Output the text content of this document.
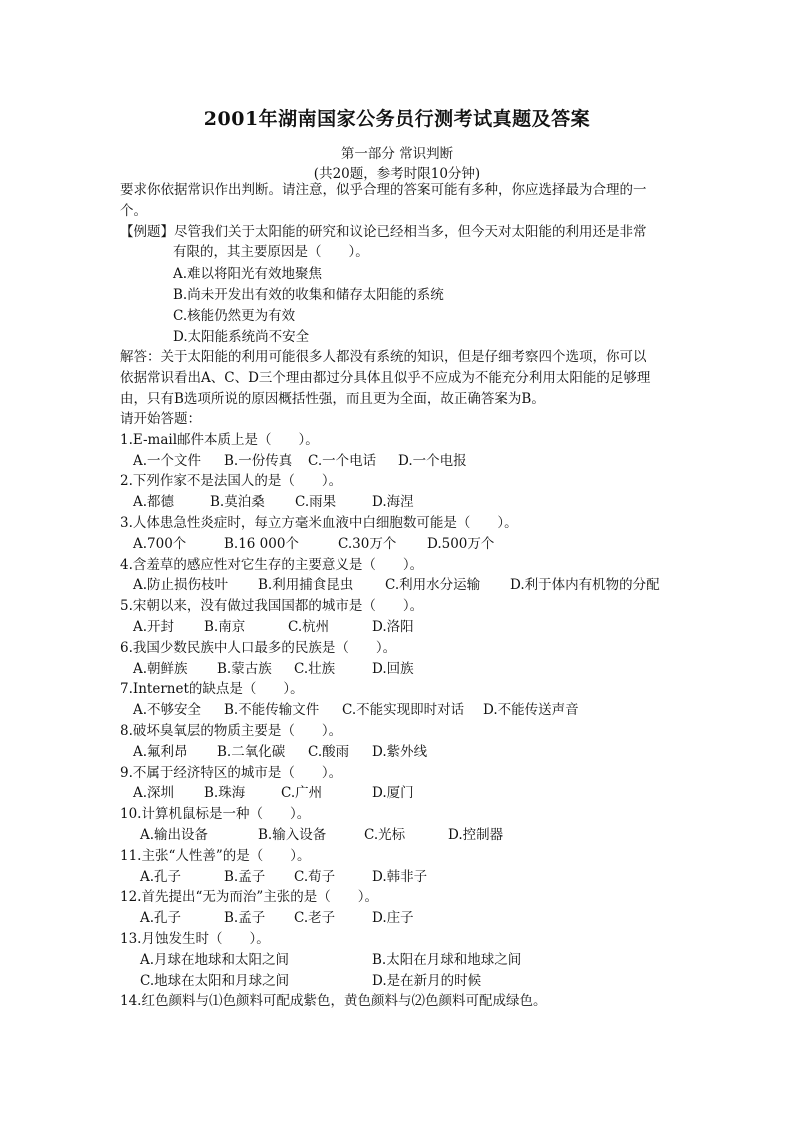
2001年湖南国家公务员行测考试真题及答案
第一部分 常识判断
(共20题，参考时限10分钟)
要求你依据常识作出判断。请注意，似乎合理的答案可能有多种，你应选择最为合理的一
个。
【例题】尽管我们关于太阳能的研究和议论已经相当多，但今天对太阳能的利用还是非常
有限的，其主要原因是（　　）。
A.难以将阳光有效地聚焦
B.尚未开发出有效的收集和储存太阳能的系统
C.核能仍然更为有效
D.太阳能系统尚不安全
解答：关于太阳能的利用可能很多人都没有系统的知识，但是仔细考察四个选项，你可以
依据常识看出A、C、D三个理由都过分具体且似乎不应成为不能充分利用太阳能的足够理
由，只有B选项所说的原因概括性强，而且更为全面，故正确答案为B。
请开始答题：
1.E-mail邮件本质上是（　　）。
A.一个文件 B.一份传真 C.一个电话 D.一个电报
2.下列作家不是法国人的是（　　）。
A.都德	B.莫泊桑 C.雨果	D.海涅
3.人体患急性炎症时，每立方毫米血液中白细胞数可能是（　　）。
A.700个	B.16 000个	C.30万个 D.500万个
4.含羞草的感应性对它生存的主要意义是（　　）。
A.防止损伤枝叶 B.利用捕食昆虫 C.利用水分运输 D.利于体内有机物的分配
5.宋朝以来，没有做过我国国都的城市是（　　）。
A.开封 B.南京	C.杭州	D.洛阳
6.我国少数民族中人口最多的民族是（　　）。
A.朝鲜族 B.蒙古族 C.壮族	D.回族
7.Internet的缺点是（　　）。
A.不够安全 B.不能传输文件 C.不能实现即时对话 D.不能传送声音
8.破坏臭氧层的物质主要是（　　）。
A.氟利昂 B.二氧化碳 C.酸雨 D.紫外线
9.不属于经济特区的城市是（　　）。
A.深圳 B.珠海	C.广州	D.厦门
10.计算机鼠标是一种（　　）。
A.输出设备	B.输入设备	C.光标	D.控制器
11.主张“人性善”的是（　　）。
A.孔子	B.孟子 C.荀子	D.韩非子
12.首先提出“无为而治”主张的是（　　）。
A.孔子	B.孟子 C.老子	D.庄子
13.月蚀发生时（　　）。
A.月球在地球和太阳之间	B.太阳在月球和地球之间
C.地球在太阳和月球之间	D.是在新月的时候
14.红色颜料与⑴色颜料可配成紫色，黄色颜料与⑵色颜料可配成绿色。
